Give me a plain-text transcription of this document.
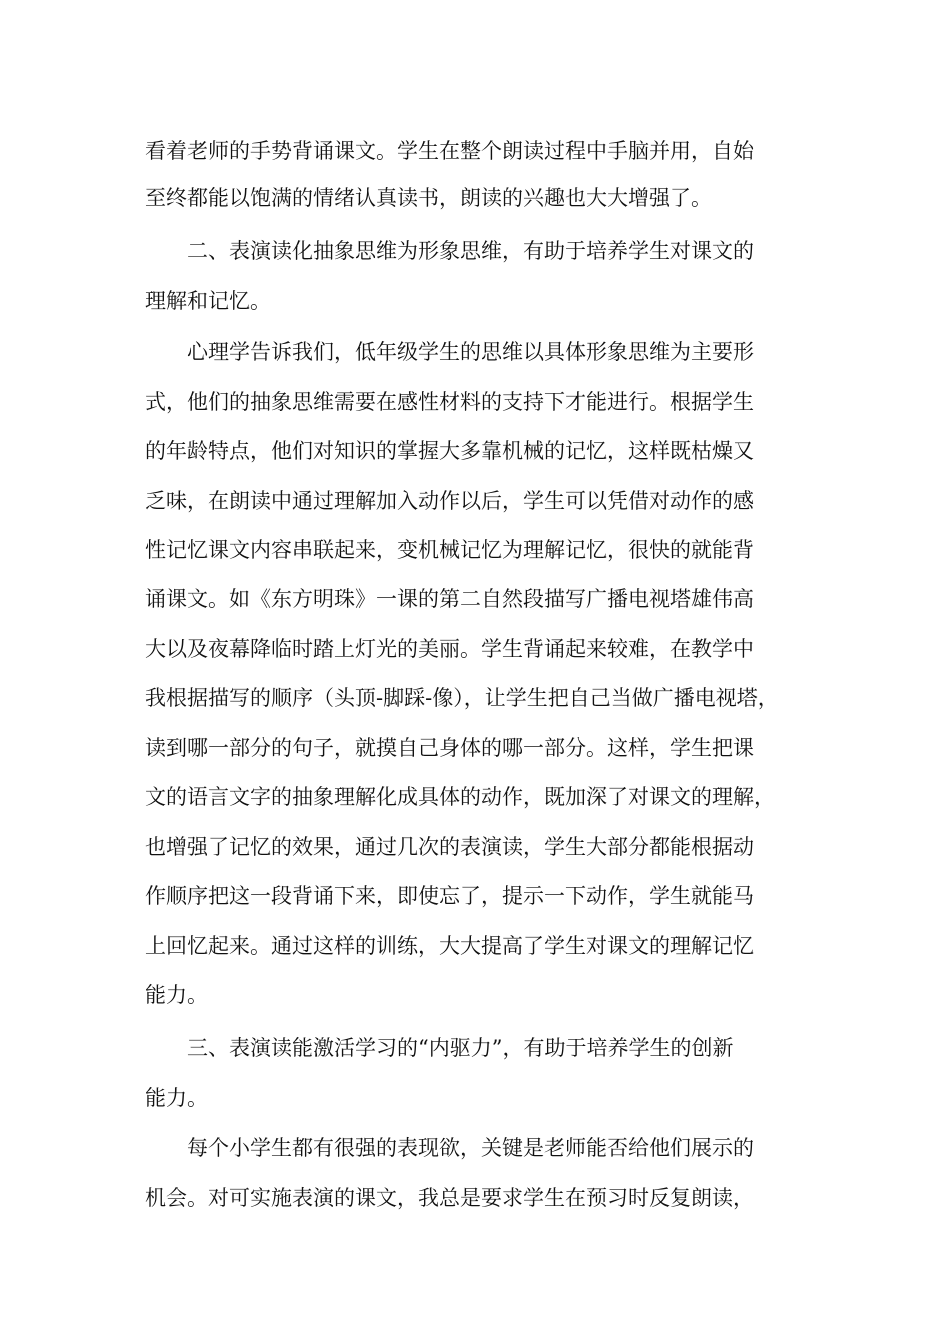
看着老师的手势背诵课文。学生在整个朗读过程中手脑并用，自始

至终都能以饱满的情绪认真读书，朗读的兴趣也大大增强了。

二、表演读化抽象思维为形象思维，有助于培养学生对课文的

理解和记忆。

心理学告诉我们，低年级学生的思维以具体形象思维为主要形

式，他们的抽象思维需要在感性材料的支持下才能进行。根据学生

的年龄特点，他们对知识的掌握大多靠机械的记忆，这样既枯燥又

乏味，在朗读中通过理解加入动作以后，学生可以凭借对动作的感

性记忆课文内容串联起来，变机械记忆为理解记忆，很快的就能背

诵课文。如《东方明珠》一课的第二自然段描写广播电视塔雄伟高

大以及夜幕降临时踏上灯光的美丽。学生背诵起来较难，在教学中

我根据描写的顺序（头顶-脚踩-像），让学生把自己当做广播电视塔，

读到哪一部分的句子，就摸自己身体的哪一部分。这样，学生把课

文的语言文字的抽象理解化成具体的动作，既加深了对课文的理解，

也增强了记忆的效果，通过几次的表演读，学生大部分都能根据动

作顺序把这一段背诵下来，即使忘了，提示一下动作，学生就能马

上回忆起来。通过这样的训练，大大提高了学生对课文的理解记忆

能力。

三、表演读能激活学习的“内驱力”，有助于培养学生的创新

能力。

每个小学生都有很强的表现欲，关键是老师能否给他们展示的

机会。对可实施表演的课文，我总是要求学生在预习时反复朗读，
